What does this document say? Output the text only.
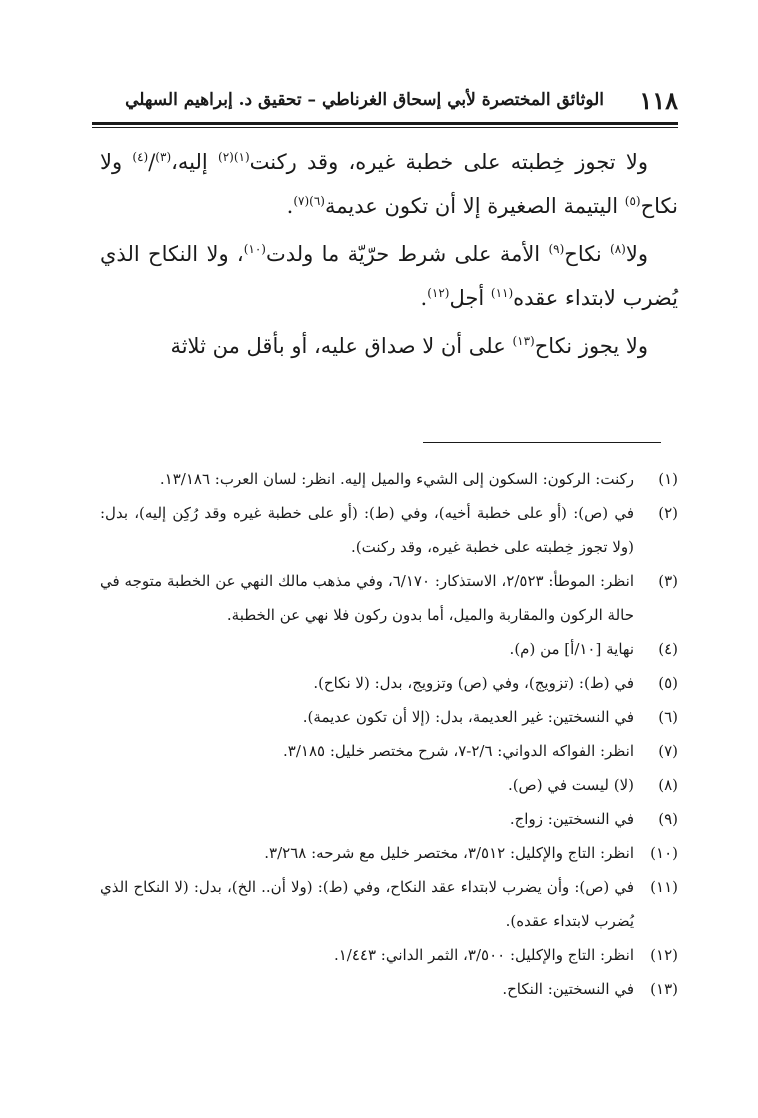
١١٨
الوثائق المختصرة لأبي إسحاق الغرناطي – تحقيق د. إبراهيم السهلي

ولا تجوز خِطبته على خطبة غيره، وقد ركنت$^{(١)(٢)}$ إليه،$^{(٣)}$/$^{(٤)}$ ولا نكاح$^{(٥)}$ اليتيمة الصغيرة إلا أن تكون عديمة$^{(٦)(٧)}$.

ولا$^{(٨)}$ نكاح$^{(٩)}$ الأمة على شرط حرّيّة ما ولدت$^{(١٠)}$، ولا النكاح الذي يُضرب لابتداء عقده$^{(١١)}$ أجل$^{(١٢)}$.

ولا يجوز نكاح$^{(١٣)}$ على أن لا صداق عليه، أو بأقل من ثلاثة

(١)
ركنت: الركون: السكون إلى الشيء والميل إليه. انظر: لسان العرب: ١٣/١٨٦.
(٢)
في (ص): (أو على خطبة أخيه)، وفي (ط): (أو على خطبة غيره وقد رُكِن إليه)، بدل: (ولا تجوز خِطبته على خطبة غيره، وقد ركنت).
(٣)
انظر: الموطأ: ٢/٥٢٣، الاستذكار: ٦/١٧٠، وفي مذهب مالك النهي عن الخطبة متوجه في حالة الركون والمقاربة والميل، أما بدون ركون فلا نهي عن الخطبة.
(٤)
نهاية [١٠/أ] من (م).
(٥)
في (ط): (تزويج)، وفي (ص) وتزويج، بدل: (لا نكاح).
(٦)
في النسختين: غير العديمة، بدل: (إلا أن تكون عديمة).
(٧)
انظر: الفواكه الدواني: ٢/٦-٧، شرح مختصر خليل: ٣/١٨٥.
(٨)
(لا) ليست في (ص).
(٩)
في النسختين: زواج.
(١٠)
انظر: التاج والإكليل: ٣/٥١٢، مختصر خليل مع شرحه: ٣/٢٦٨.
(١١)
في (ص): وأن يضرب لابتداء عقد النكاح، وفي (ط): (ولا أن.. الخ)، بدل: (لا النكاح الذي يُضرب لابتداء عقده).
(١٢)
انظر: التاج والإكليل: ٣/٥٠٠، الثمر الداني: ١/٤٤٣.
(١٣)
في النسختين: النكاح.
